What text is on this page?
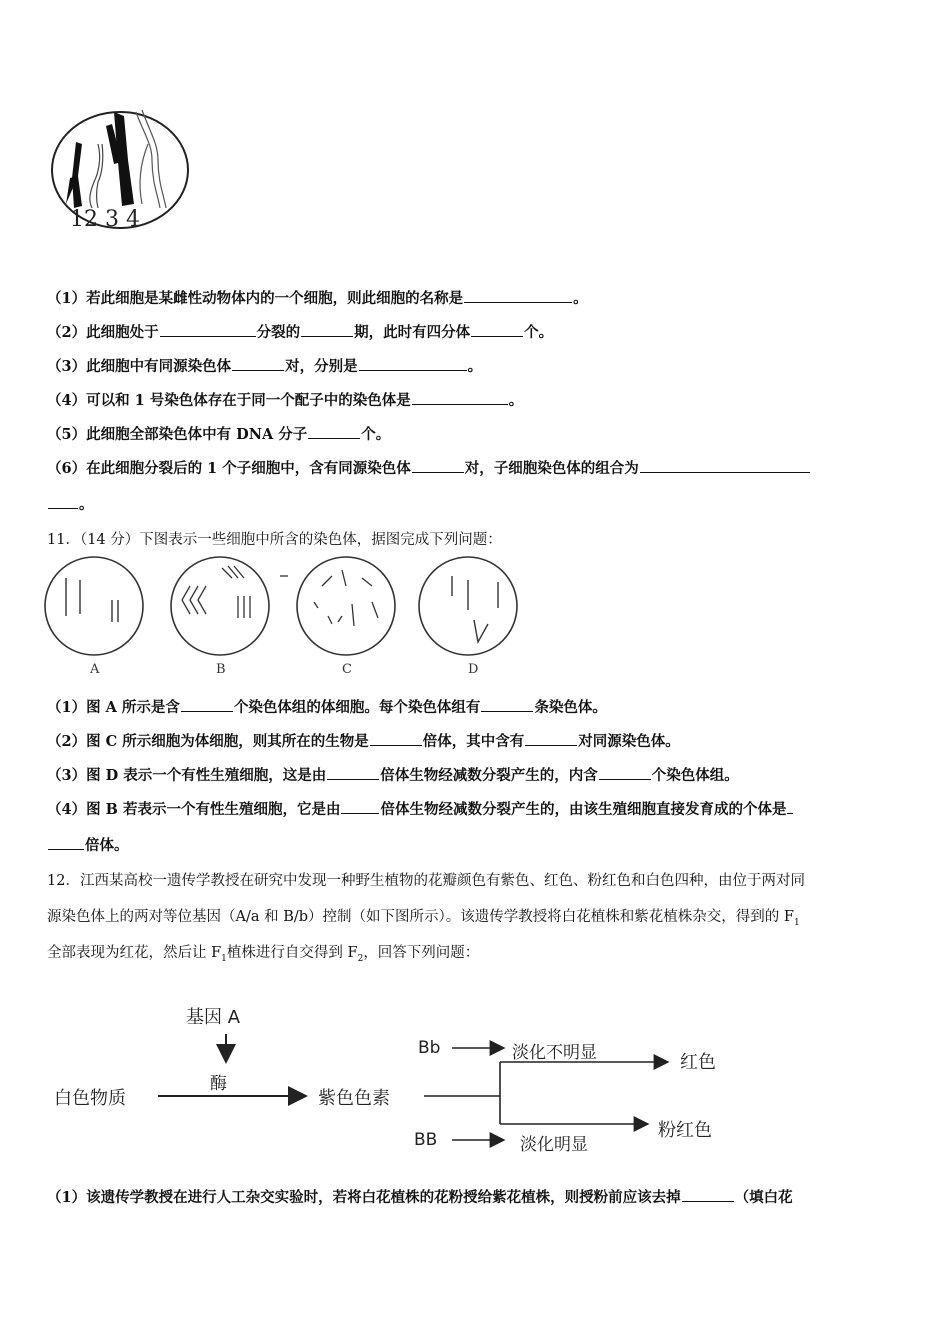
12 3 4
（1）若此细胞是某雌性动物体内的一个细胞，则此细胞的名称是	。
（2）此细胞处于	分裂的	期，此时有四分体	个。
（3）此细胞中有同源染色体	对，分别是	。
（4）可以和 1 号染色体存在于同一个配子中的染色体是	。
（5）此细胞全部染色体中有 DNA 分子	个。
（6）在此细胞分裂后的 1 个子细胞中，含有同源染色体	对，子细胞染色体的组合为
。
11．（14 分）下图表示一些细胞中所含的染色体，据图完成下列问题：
A	B	C	D
（1）图 A 所示是含	个染色体组的体细胞。每个染色体组有	条染色体。
（2）图 C 所示细胞为体细胞，则其所在的生物是	倍体，其中含有	对同源染色体。
（3）图 D 表示一个有性生殖细胞，这是由	倍体生物经减数分裂产生的，内含	个染色体组。
（4）图 B 若表示一个有性生殖细胞，它是由	倍体生物经减数分裂产生的，由该生殖细胞直接发育成的个体是
倍体。
12．江西某高校一遗传学教授在研究中发现一种野生植物的花瓣颜色有紫色、红色、粉红色和白色四种，由位于两对同
源染色体上的两对等位基因（A/a 和 B/b）控制（如下图所示）。该遗传学教授将白花植株和紫花植株杂交，得到的 $F_1$
全部表现为红花，然后让 $F_1$植株进行自交得到 $F_2$，回答下列问题：
基因 A
酶
白色物质	紫色色素
Bb	淡化不明显	红色
粉红色
BB	淡化明显
（1）该遗传学教授在进行人工杂交实验时，若将白花植株的花粉授给紫花植株，则授粉前应该去掉	（填白花
